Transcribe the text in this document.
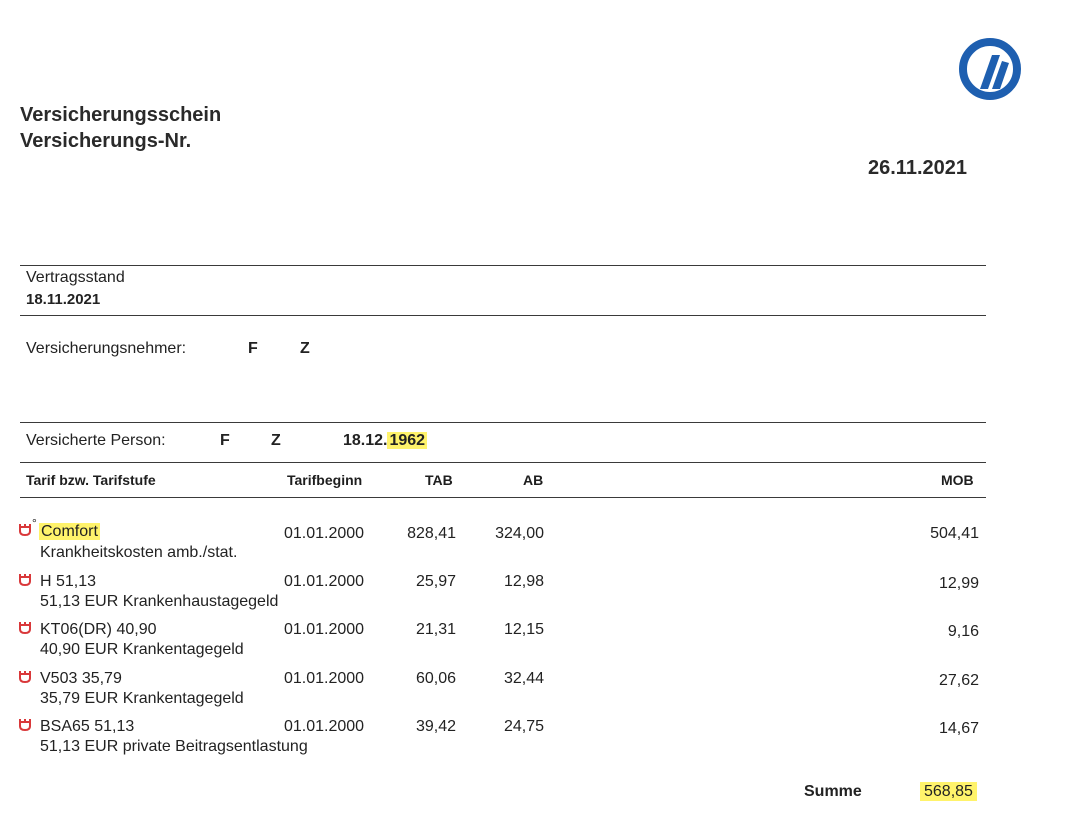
Versicherungsschein
Versicherungs-Nr.
26.11.2021
Vertragsstand
18.11.2021
Versicherungsnehmer:	F	Z
Versicherte Person:	F	Z	18.12. 1962
Tarif bzw. Tarifstufe	Tarifbeginn	TAB	AB	MOB
° Comfort
Krankheitskosten amb./stat.
01.01.2000	828,41	324,00	504,41
H 51,13
51,13 EUR Krankenhaustagegeld
01.01.2000	25,97	12,98	12,99
KT06(DR) 40,90
40,90 EUR Krankentagegeld
01.01.2000	21,31	12,15	9,16
V503 35,79
35,79 EUR Krankentagegeld
01.01.2000	60,06	32,44	27,62
BSA65 51,13
51,13 EUR private Beitragsentlastung
01.01.2000	39,42	24,75	14,67
Summe	568,85
